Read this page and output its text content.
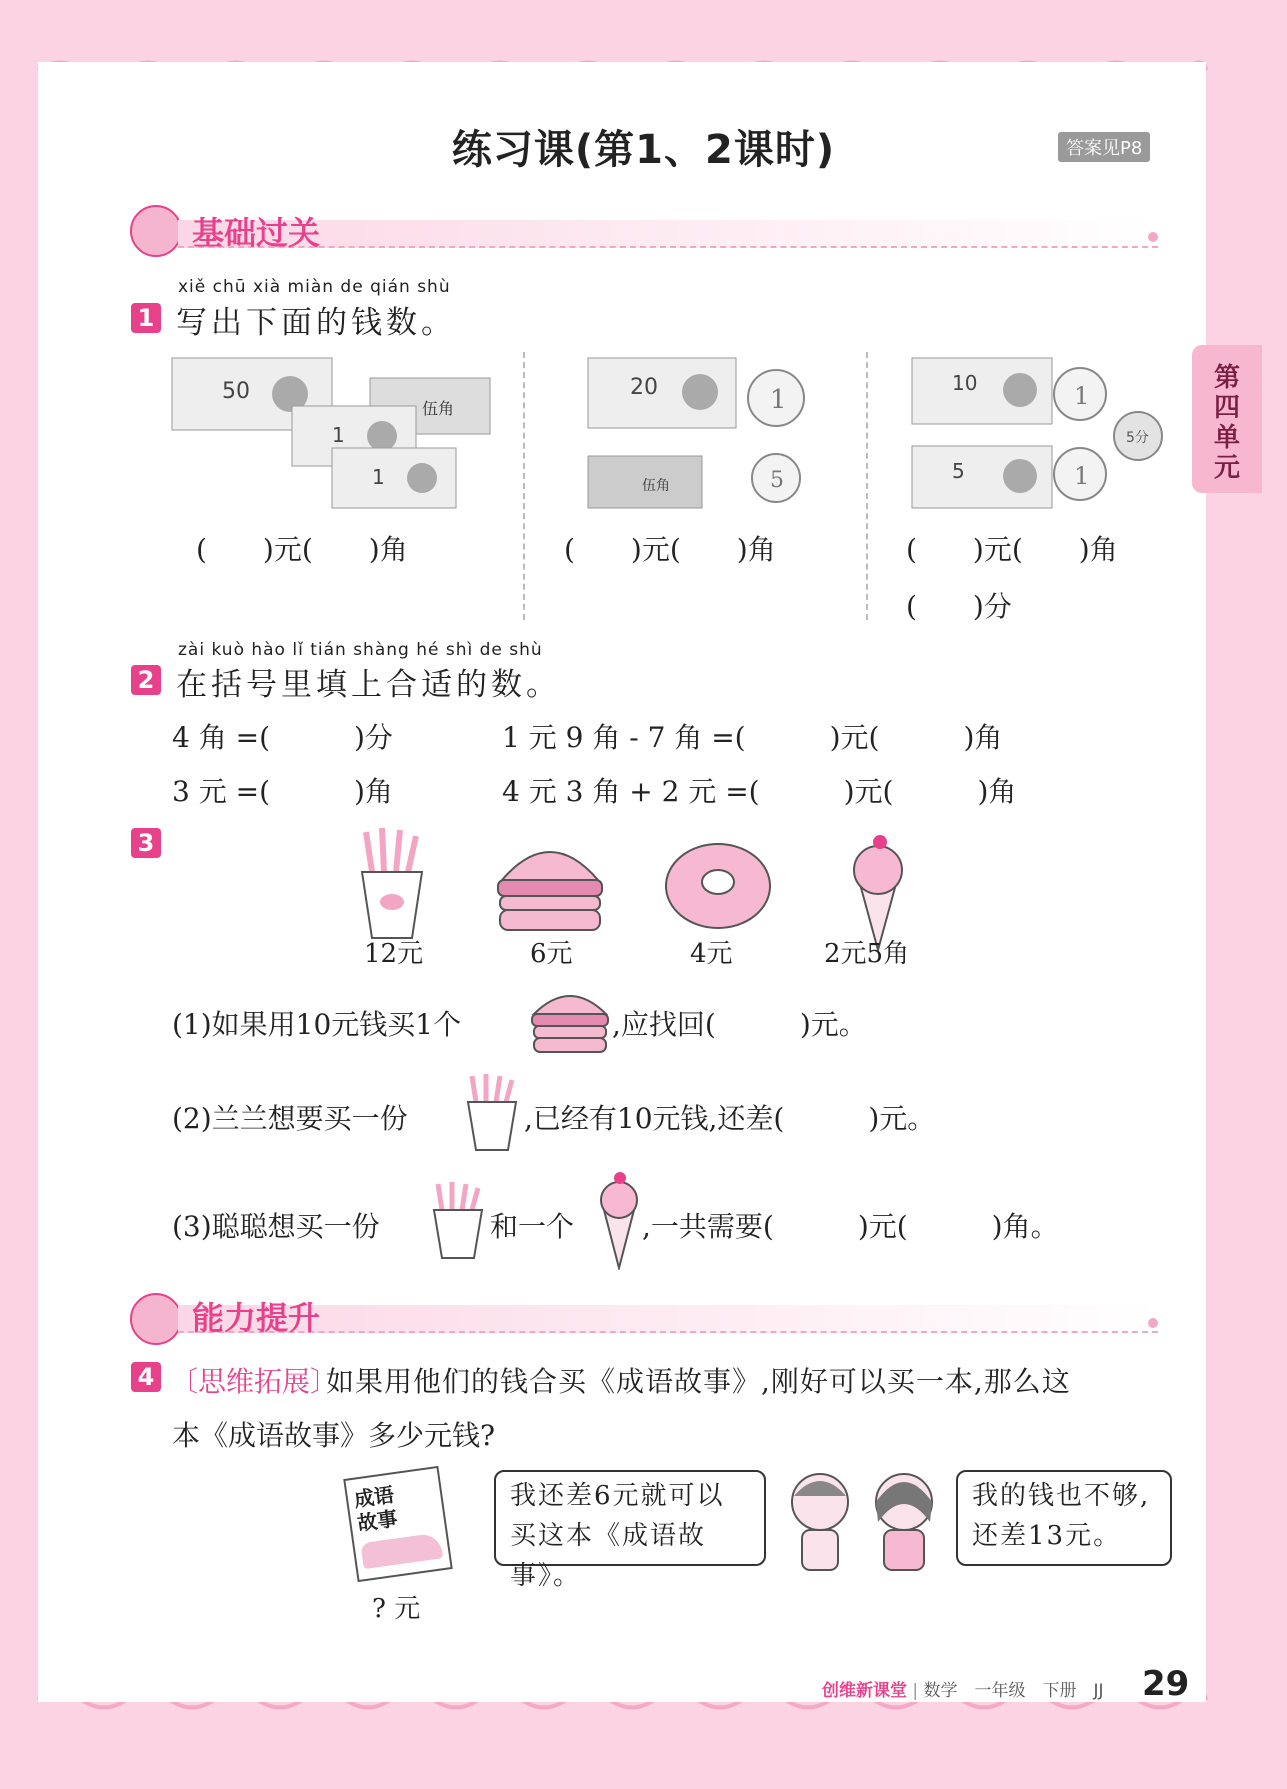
练习课(第1、2课时)	答案见P8
第四单元
基础过关
xiě chū xià miàn de qián shù
1 写出下面的钱数。
50
伍角
1
1
20	1
伍角	5
10	1
5分
5	1
(　　)元(　　)角	(　　)元(　　)角	(　　)元(　　)角
(　　)分
zài kuò hào lǐ tián shàng hé shì de shù
2 在括号里填上合适的数。
4 角 =(　　　)分	1 元 9 角 - 7 角 =(　　　)元(　　　)角
3 元 =(　　　)角	4 元 3 角 + 2 元 =(　　　)元(　　　)角
3
12元	6元	4元	2元5角
(1)如果用10元钱买1个	,应找回(　　　)元。
(2)兰兰想要买一份	,已经有10元钱,还差(　　　)元。
(3)聪聪想买一份	和一个 ,一共需要(　　　)元(　　　)角。
能力提升
4 〔思维拓展〕
如果用他们的钱合买《成语故事》,刚好可以买一本,那么这
本《成语故事》多少元钱?
成语故事
? 元
我还差6元就可以买这本《成语故事》。
我的钱也不够,还差13元。
创维新课堂 | 数学　一年级　下册　JJ 29
